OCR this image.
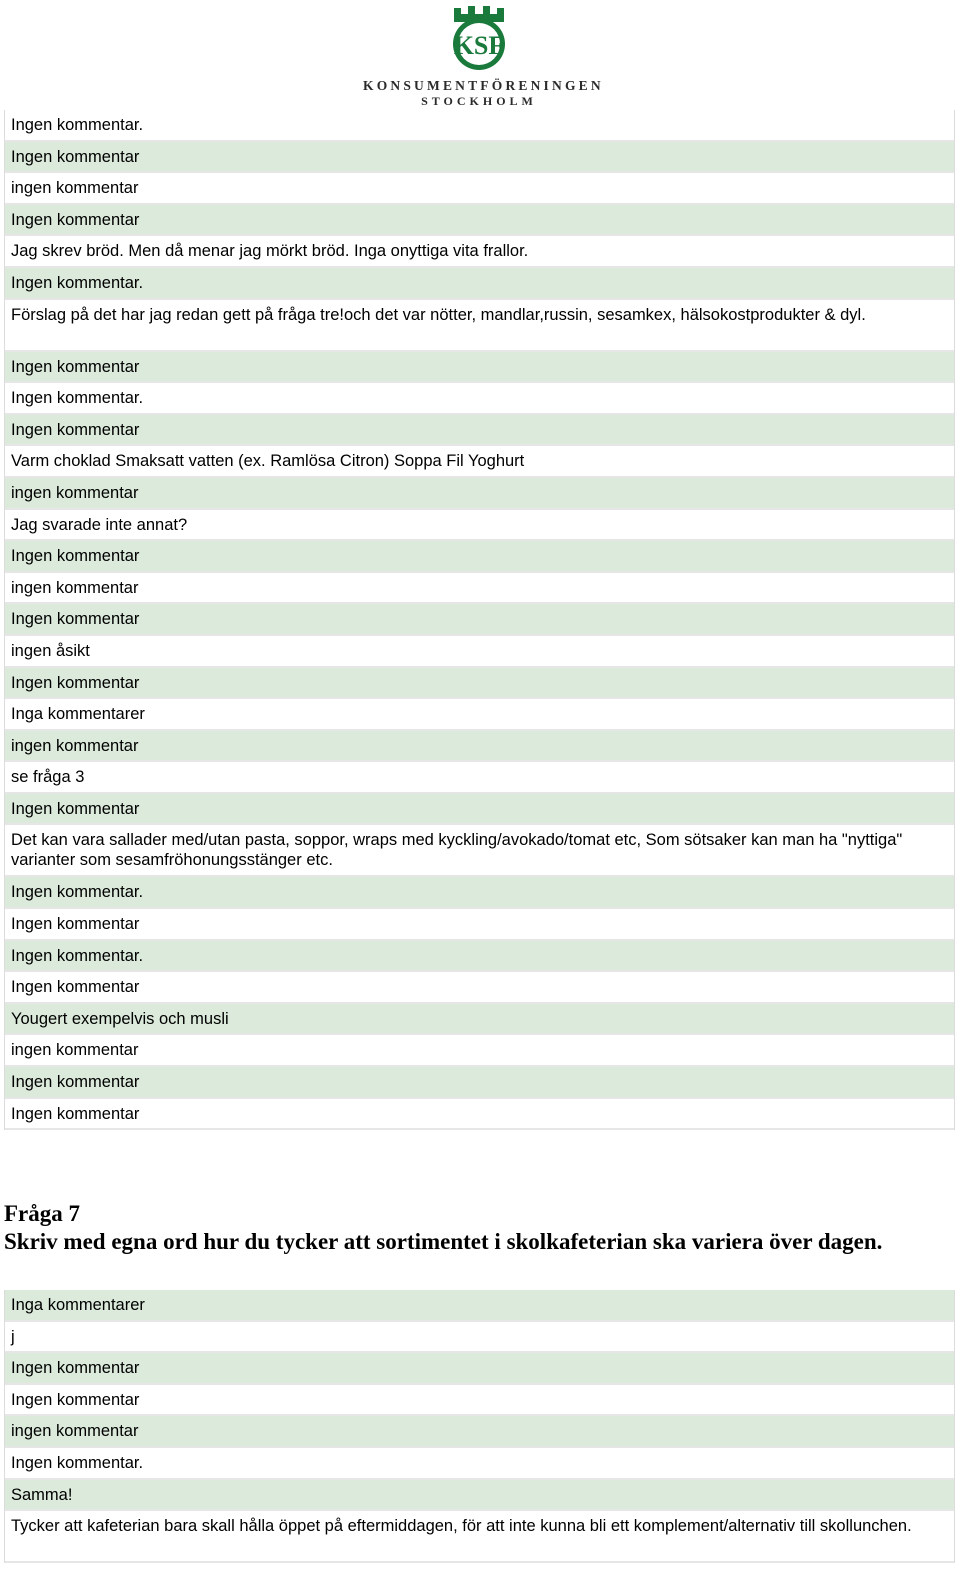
KSF
KONSUMENTFÖRENINGEN
STOCKHOLM
Ingen kommentar.
Ingen kommentar
ingen kommentar
Ingen kommentar
Jag skrev bröd. Men då menar jag mörkt bröd. Inga onyttiga vita frallor.
Ingen kommentar.
Förslag på det har jag redan gett på fråga tre!och det var nötter, mandlar,russin, sesamkex, hälsokostprodukter & dyl.
Ingen kommentar
Ingen kommentar.
Ingen kommentar
Varm choklad Smaksatt vatten (ex. Ramlösa Citron) Soppa Fil Yoghurt
ingen kommentar
Jag svarade inte annat?
Ingen kommentar
ingen kommentar
Ingen kommentar
ingen åsikt
Ingen kommentar
Inga kommentarer
ingen kommentar
se fråga 3
Ingen kommentar
Det kan vara sallader med/utan pasta, soppor, wraps med kyckling/avokado/tomat etc, Som sötsaker kan man ha "nyttiga" varianter som sesamfröhonungsstänger etc.
Ingen kommentar.
Ingen kommentar
Ingen kommentar.
Ingen kommentar
Yougert exempelvis och musli
ingen kommentar
Ingen kommentar
Ingen kommentar
Fråga 7
Skriv med egna ord hur du tycker att sortimentet i skolkafeterian ska variera över dagen.
Inga kommentarer
j
Ingen kommentar
Ingen kommentar
ingen kommentar
Ingen kommentar.
Samma!
Tycker att kafeterian bara skall hålla öppet på eftermiddagen, för att inte kunna bli ett komplement/alternativ till skollunchen.
